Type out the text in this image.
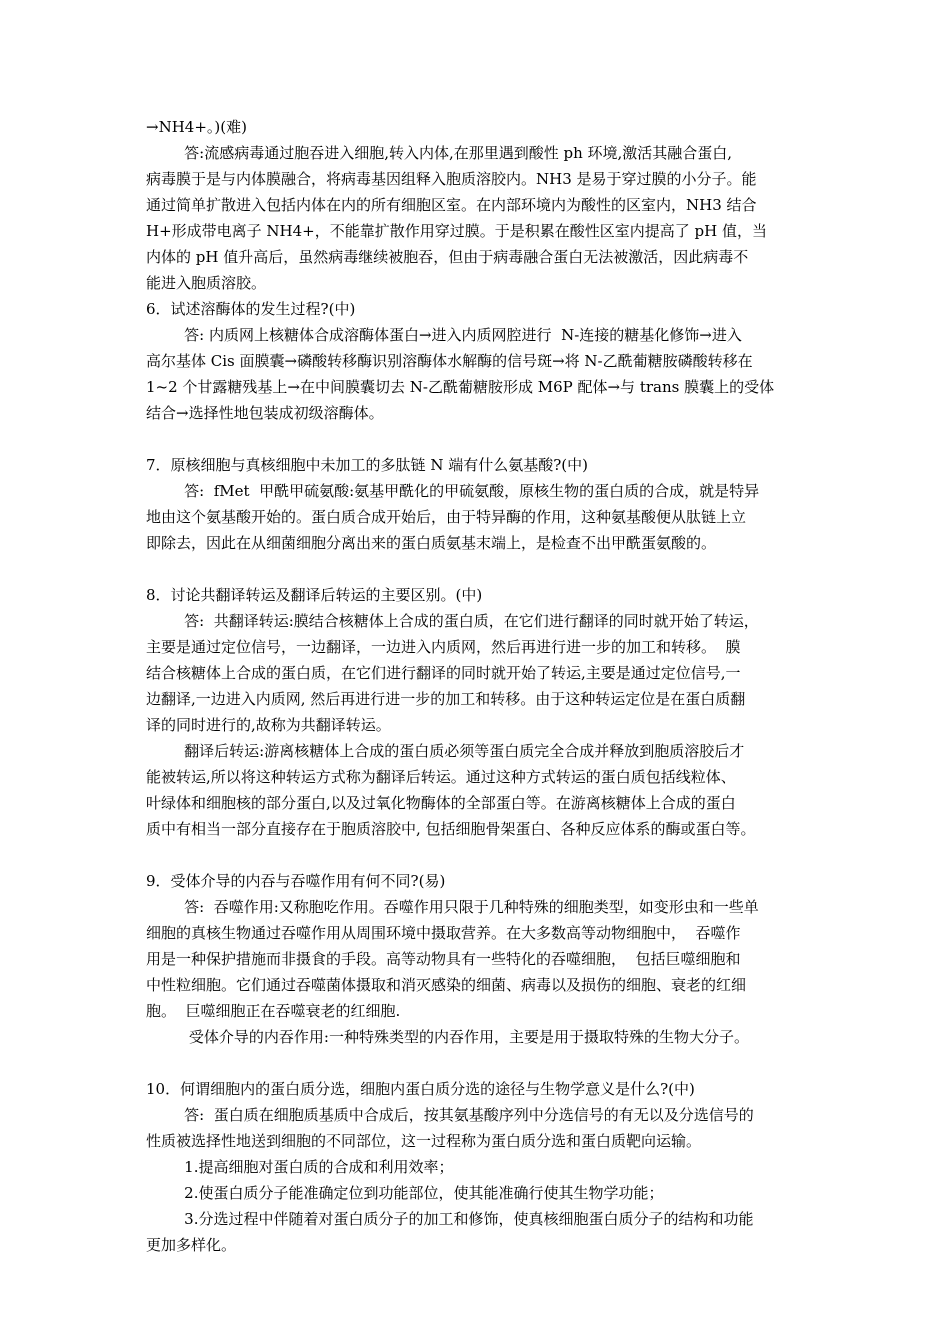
→NH4+。)(难)
答:流感病毒通过胞吞进入细胞,转入内体,在那里遇到酸性 ph 环境,激活其融合蛋白,
病毒膜于是与内体膜融合，将病毒基因组释入胞质溶胶内。NH3 是易于穿过膜的小分子。能
通过简单扩散进入包括内体在内的所有细胞区室。在内部环境内为酸性的区室内，NH3 结合
H+形成带电离子 NH4+，不能靠扩散作用穿过膜。于是积累在酸性区室内提高了 pH 值，当
内体的 pH 值升高后，虽然病毒继续被胞吞，但由于病毒融合蛋白无法被激活，因此病毒不
能进入胞质溶胶。
6．试述溶酶体的发生过程?(中)
答: 内质网上核糖体合成溶酶体蛋白→进入内质网腔进行  N-连接的糖基化修饰→进入
高尔基体 Cis 面膜囊→磷酸转移酶识别溶酶体水解酶的信号斑→将 N-乙酰葡糖胺磷酸转移在
1~2 个甘露糖残基上→在中间膜囊切去 N-乙酰葡糖胺形成 M6P 配体→与 trans 膜囊上的受体
结合→选择性地包装成初级溶酶体。
7．原核细胞与真核细胞中未加工的多肽链 N 端有什么氨基酸?(中)
答:  fMet  甲酰甲硫氨酸:氨基甲酰化的甲硫氨酸，原核生物的蛋白质的合成，就是特异
地由这个氨基酸开始的。蛋白质合成开始后，由于特异酶的作用，这种氨基酸便从肽链上立
即除去，因此在从细菌细胞分离出来的蛋白质氨基末端上，是检查不出甲酰蛋氨酸的。
8．讨论共翻译转运及翻译后转运的主要区别。(中)
答:  共翻译转运:膜结合核糖体上合成的蛋白质，在它们进行翻译的同时就开始了转运，
主要是通过定位信号，一边翻译，一边进入内质网，然后再进行进一步的加工和转移。  膜
结合核糖体上合成的蛋白质，在它们进行翻译的同时就开始了转运,主要是通过定位信号,一
边翻译,一边进入内质网, 然后再进行进一步的加工和转移。由于这种转运定位是在蛋白质翻
译的同时进行的,故称为共翻译转运。
翻译后转运:游离核糖体上合成的蛋白质必须等蛋白质完全合成并释放到胞质溶胶后才
能被转运,所以将这种转运方式称为翻译后转运。通过这种方式转运的蛋白质包括线粒体、
叶绿体和细胞核的部分蛋白,以及过氧化物酶体的全部蛋白等。在游离核糖体上合成的蛋白
质中有相当一部分直接存在于胞质溶胶中, 包括细胞骨架蛋白、各种反应体系的酶或蛋白等。
9．受体介导的内吞与吞噬作用有何不同?(易)
答:  吞噬作用:又称胞吃作用。吞噬作用只限于几种特殊的细胞类型，如变形虫和一些单
细胞的真核生物通过吞噬作用从周围环境中摄取营养。在大多数高等动物细胞中，  吞噬作
用是一种保护措施而非摄食的手段。高等动物具有一些特化的吞噬细胞，  包括巨噬细胞和
中性粒细胞。它们通过吞噬菌体摄取和消灭感染的细菌、病毒以及损伤的细胞、衰老的红细
胞。  巨噬细胞正在吞噬衰老的红细胞.
受体介导的内吞作用:一种特殊类型的内吞作用，主要是用于摄取特殊的生物大分子。
10．何谓细胞内的蛋白质分选，细胞内蛋白质分选的途径与生物学意义是什么?(中)
答:  蛋白质在细胞质基质中合成后，按其氨基酸序列中分选信号的有无以及分选信号的
性质被选择性地送到细胞的不同部位，这一过程称为蛋白质分选和蛋白质靶向运输。
1.提高细胞对蛋白质的合成和利用效率；
2.使蛋白质分子能准确定位到功能部位，使其能准确行使其生物学功能；
3.分选过程中伴随着对蛋白质分子的加工和修饰，使真核细胞蛋白质分子的结构和功能
更加多样化。
